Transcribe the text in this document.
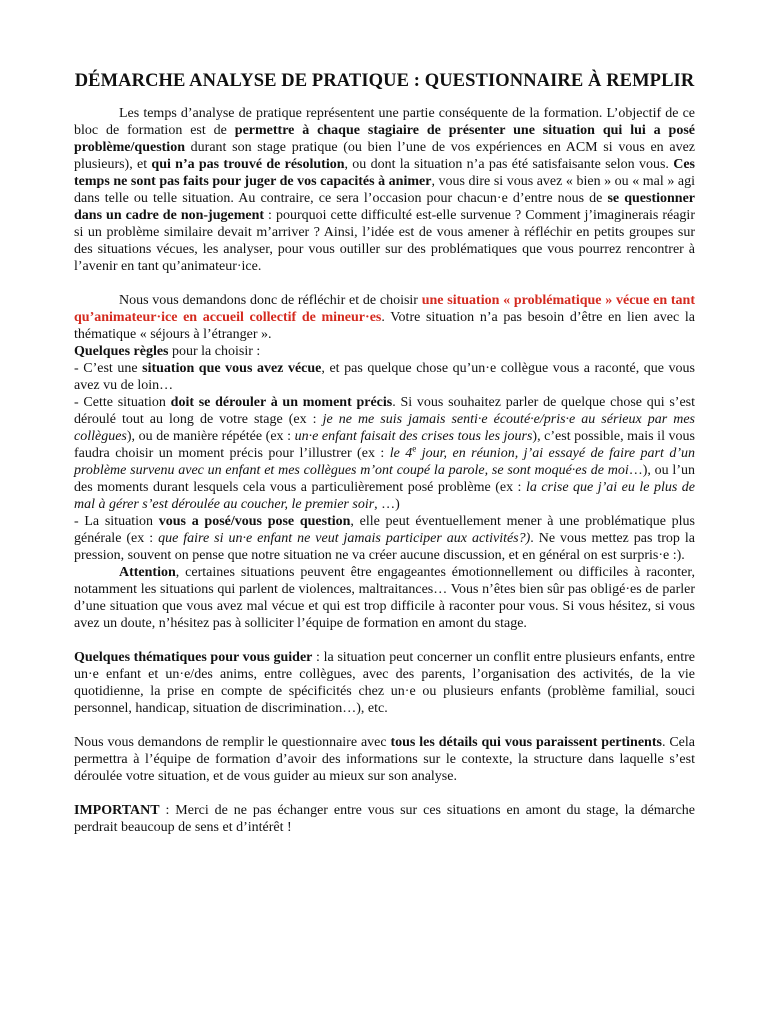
DÉMARCHE ANALYSE DE PRATIQUE : QUESTIONNAIRE À REMPLIR

Les temps d’analyse de pratique représentent une partie conséquente de la formation. L’objectif de ce bloc de formation est de permettre à chaque stagiaire de présenter une situation qui lui a posé problème/question durant son stage pratique (ou bien l’une de vos expériences en ACM si vous en avez plusieurs), et qui n’a pas trouvé de résolution, ou dont la situation n’a pas été satisfaisante selon vous. Ces temps ne sont pas faits pour juger de vos capacités à animer, vous dire si vous avez « bien » ou « mal » agi dans telle ou telle situation. Au contraire, ce sera l’occasion pour chacun·e d’entre nous de se questionner dans un cadre de non-jugement : pourquoi cette difficulté est-elle survenue ? Comment j’imaginerais réagir si un problème similaire devait m’arriver ? Ainsi, l’idée est de vous amener à réfléchir en petits groupes sur des situations vécues, les analyser, pour vous outiller sur des problématiques que vous pourrez rencontrer à l’avenir en tant qu’animateur·ice.

Nous vous demandons donc de réfléchir et de choisir une situation « problématique » vécue en tant qu’animateur·ice en accueil collectif de mineur·es. Votre situation n’a pas besoin d’être en lien avec la thématique « séjours à l’étranger ».

Quelques règles pour la choisir :

- C’est une situation que vous avez vécue, et pas quelque chose qu’un·e collègue vous a raconté, que vous avez vu de loin…

- Cette situation doit se dérouler à un moment précis. Si vous souhaitez parler de quelque chose qui s’est déroulé tout au long de votre stage (ex : je ne me suis jamais senti·e écouté·e/pris·e au sérieux par mes collègues), ou de manière répétée (ex : un·e enfant faisait des crises tous les jours), c’est possible, mais il vous faudra choisir un moment précis pour l’illustrer (ex : le 4e jour, en réunion, j’ai essayé de faire part d’un problème survenu avec un enfant et mes collègues m’ont coupé la parole, se sont moqué·es de moi…), ou l’un des moments durant lesquels cela vous a particulièrement posé problème (ex : la crise que j’ai eu le plus de mal à gérer s’est déroulée au coucher, le premier soir, …)

- La situation vous a posé/vous pose question, elle peut éventuellement mener à une problématique plus générale (ex : que faire si un·e enfant ne veut jamais participer aux activités?). Ne vous mettez pas trop la pression, souvent on pense que notre situation ne va créer aucune discussion, et en général on est surpris·e :).

Attention, certaines situations peuvent être engageantes émotionnellement ou difficiles à raconter, notamment les situations qui parlent de violences, maltraitances… Vous n’êtes bien sûr pas obligé·es de parler d’une situation que vous avez mal vécue et qui est trop difficile à raconter pour vous. Si vous hésitez, si vous avez un doute, n’hésitez pas à solliciter l’équipe de formation en amont du stage.

Quelques thématiques pour vous guider : la situation peut concerner un conflit entre plusieurs enfants, entre un·e enfant et un·e/des anims, entre collègues, avec des parents, l’organisation des activités, de la vie quotidienne, la prise en compte de spécificités chez un·e ou plusieurs enfants (problème familial, souci personnel, handicap, situation de discrimination…), etc.

Nous vous demandons de remplir le questionnaire avec tous les détails qui vous paraissent pertinents. Cela permettra à l’équipe de formation d’avoir des informations sur le contexte, la structure dans laquelle s’est déroulée votre situation, et de vous guider au mieux sur son analyse.

IMPORTANT : Merci de ne pas échanger entre vous sur ces situations en amont du stage, la démarche perdrait beaucoup de sens et d’intérêt !
